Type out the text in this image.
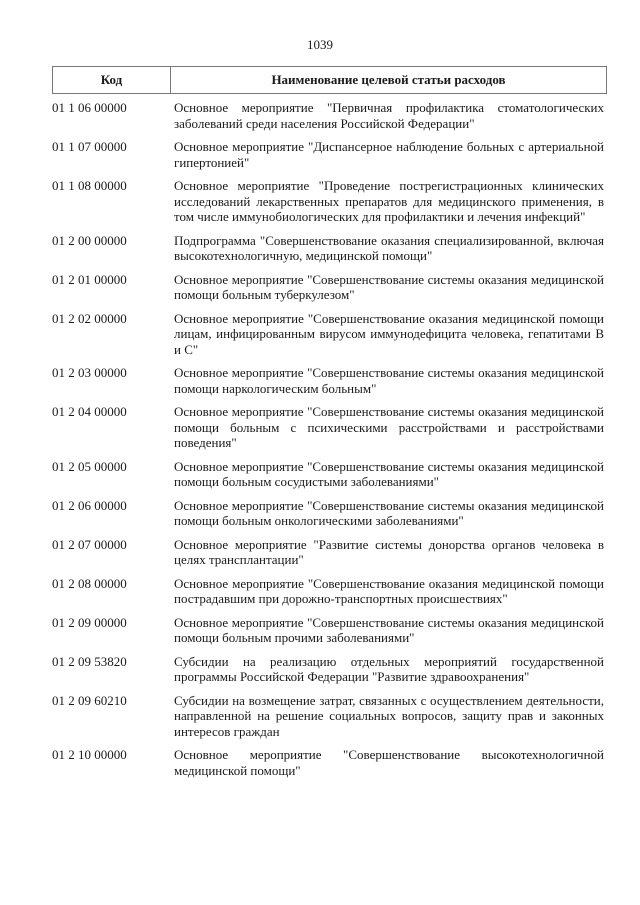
1039
Код	Наименование целевой статьи расходов
01 1 06 00000	Основное мероприятие "Первичная профилактика стоматологических заболеваний среди населения Российской Федерации"
01 1 07 00000	Основное мероприятие "Диспансерное наблюдение больных с артериальной гипертонией"
01 1 08 00000	Основное мероприятие "Проведение пострегистрационных клинических исследований лекарственных препаратов для медицинского применения, в том числе иммунобиологических для профилактики и лечения инфекций"
01 2 00 00000	Подпрограмма "Совершенствование оказания специализированной, включая высокотехнологичную, медицинской помощи"
01 2 01 00000	Основное мероприятие "Совершенствование системы оказания медицинской помощи больным туберкулезом"
01 2 02 00000	Основное мероприятие "Совершенствование оказания медицинской помощи лицам, инфицированным вирусом иммунодефицита человека, гепатитами В и С"
01 2 03 00000	Основное мероприятие "Совершенствование системы оказания медицинской помощи наркологическим больным"
01 2 04 00000	Основное мероприятие "Совершенствование системы оказания медицинской помощи больным с психическими расстройствами и расстройствами поведения"
01 2 05 00000	Основное мероприятие "Совершенствование системы оказания медицинской помощи больным сосудистыми заболеваниями"
01 2 06 00000	Основное мероприятие "Совершенствование системы оказания медицинской помощи больным онкологическими заболеваниями"
01 2 07 00000	Основное мероприятие "Развитие системы донорства органов человека в целях трансплантации"
01 2 08 00000	Основное мероприятие "Совершенствование оказания медицинской помощи пострадавшим при дорожно-транспортных происшествиях"
01 2 09 00000	Основное мероприятие "Совершенствование системы оказания медицинской помощи больным прочими заболеваниями"
01 2 09 53820	Субсидии на реализацию отдельных мероприятий государственной программы Российской Федерации "Развитие здравоохранения"
01 2 09 60210	Субсидии на возмещение затрат, связанных с осуществлением деятельности, направленной на решение социальных вопросов, защиту прав и законных интересов граждан
01 2 10 00000	Основное мероприятие "Совершенствование высокотехнологичной медицинской помощи"
